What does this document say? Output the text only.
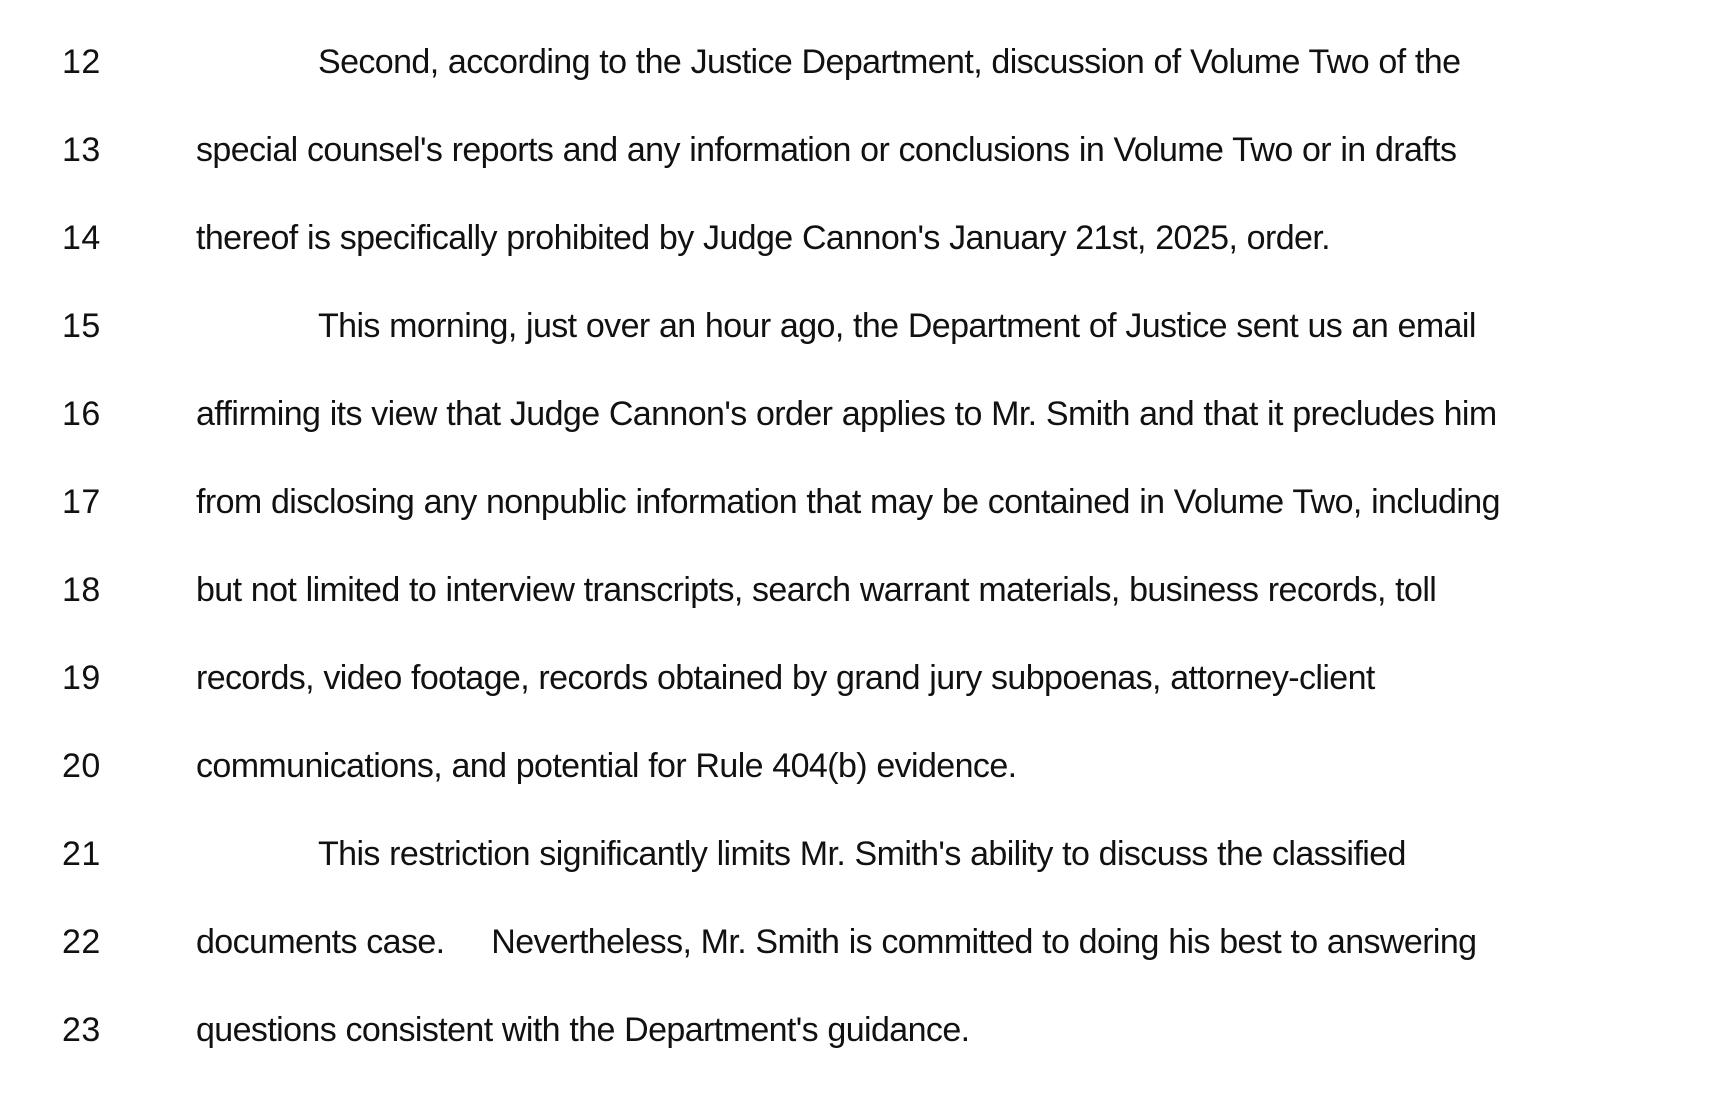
12	Second, according to the Justice Department, discussion of Volume Two of the
13	special counsel's reports and any information or conclusions in Volume Two or in drafts
14	thereof is specifically prohibited by Judge Cannon's January 21st, 2025, order.
15	This morning, just over an hour ago, the Department of Justice sent us an email
16	affirming its view that Judge Cannon's order applies to Mr. Smith and that it precludes him
17	from disclosing any nonpublic information that may be contained in Volume Two, including
18	but not limited to interview transcripts, search warrant materials, business records, toll
19	records, video footage, records obtained by grand jury subpoenas, attorney-client
20	communications, and potential for Rule 404(b) evidence.
21	This restriction significantly limits Mr. Smith's ability to discuss the classified
22	documents case.     Nevertheless, Mr. Smith is committed to doing his best to answering
23	questions consistent with the Department's guidance.
